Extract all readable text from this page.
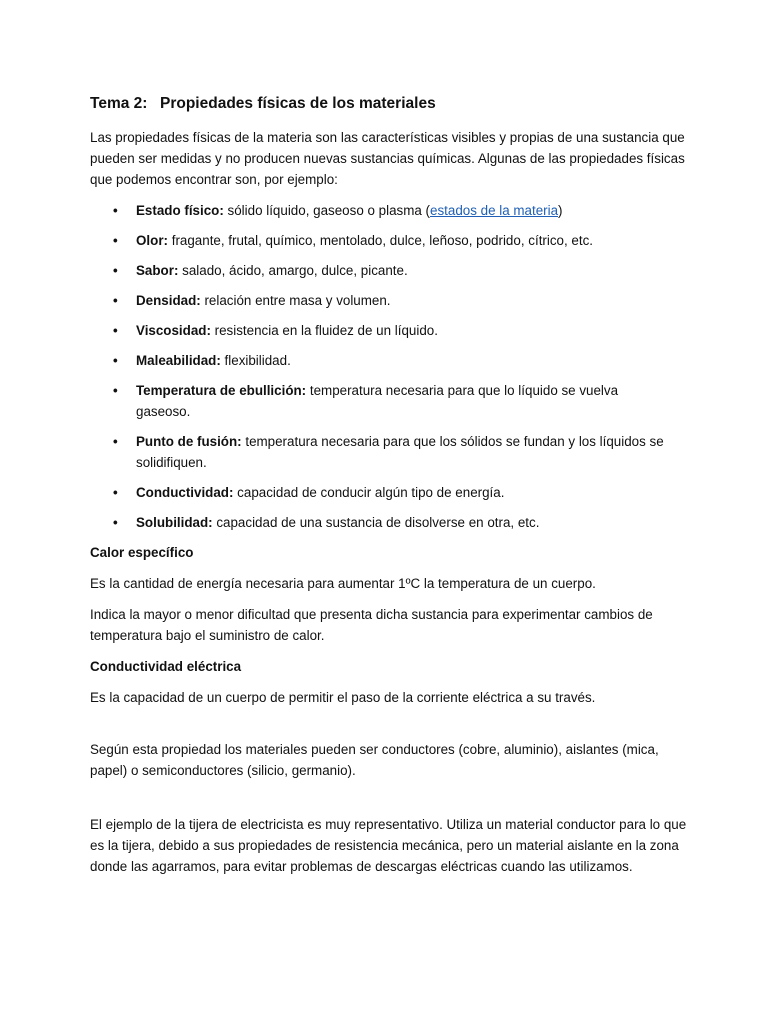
Tema 2: Propiedades físicas de los materiales

Las propiedades físicas de la materia son las características visibles y propias de una sustancia que pueden ser medidas y no producen nuevas sustancias químicas. Algunas de las propiedades físicas que podemos encontrar son, por ejemplo:

• Estado físico: sólido líquido, gaseoso o plasma (estados de la materia)
• Olor: fragante, frutal, químico, mentolado, dulce, leñoso, podrido, cítrico, etc.
• Sabor: salado, ácido, amargo, dulce, picante.
• Densidad: relación entre masa y volumen.
• Viscosidad: resistencia en la fluidez de un líquido.
• Maleabilidad: flexibilidad.
• Temperatura de ebullición: temperatura necesaria para que lo líquido se vuelva gaseoso.
• Punto de fusión: temperatura necesaria para que los sólidos se fundan y los líquidos se solidifiquen.
• Conductividad: capacidad de conducir algún tipo de energía.
• Solubilidad: capacidad de una sustancia de disolverse en otra, etc.

Calor específico

Es la cantidad de energía necesaria para aumentar 1ºC la temperatura de un cuerpo.

Indica la mayor o menor dificultad que presenta dicha sustancia para experimentar cambios de temperatura bajo el suministro de calor.

Conductividad eléctrica

Es la capacidad de un cuerpo de permitir el paso de la corriente eléctrica a su través.

Según esta propiedad los materiales pueden ser conductores (cobre, aluminio), aislantes (mica, papel) o semiconductores (silicio, germanio).

El ejemplo de la tijera de electricista es muy representativo. Utiliza un material conductor para lo que es la tijera, debido a sus propiedades de resistencia mecánica, pero un material aislante en la zona donde las agarramos, para evitar problemas de descargas eléctricas cuando las utilizamos.
